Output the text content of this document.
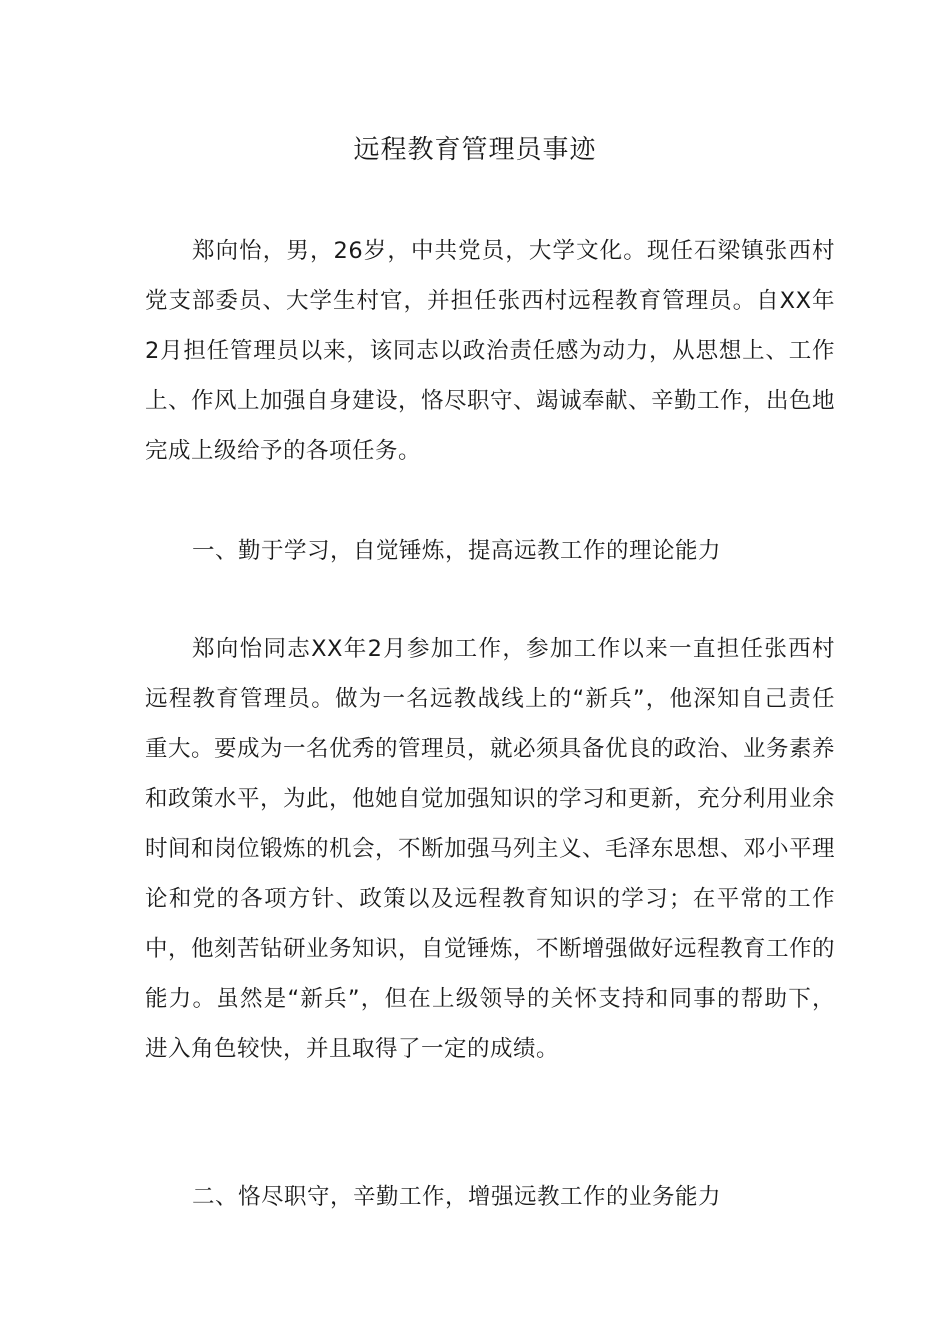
远程教育管理员事迹

郑向怡，男，26岁，中共党员，大学文化。现任石梁镇张西村党支部委员、大学生村官，并担任张西村远程教育管理员。自XX年2月担任管理员以来，该同志以政治责任感为动力，从思想上、工作上、作风上加强自身建设，恪尽职守、竭诚奉献、辛勤工作，出色地完成上级给予的各项任务。

一、勤于学习，自觉锤炼，提高远教工作的理论能力

郑向怡同志XX年2月参加工作，参加工作以来一直担任张西村远程教育管理员。做为一名远教战线上的“新兵”，他深知自己责任重大。要成为一名优秀的管理员，就必须具备优良的政治、业务素养和政策水平，为此，他她自觉加强知识的学习和更新，充分利用业余时间和岗位锻炼的机会，不断加强马列主义、毛泽东思想、邓小平理论和党的各项方针、政策以及远程教育知识的学习；在平常的工作中，他刻苦钻研业务知识，自觉锤炼，不断增强做好远程教育工作的能力。虽然是“新兵”，但在上级领导的关怀支持和同事的帮助下，进入角色较快，并且取得了一定的成绩。

二、恪尽职守，辛勤工作，增强远教工作的业务能力
